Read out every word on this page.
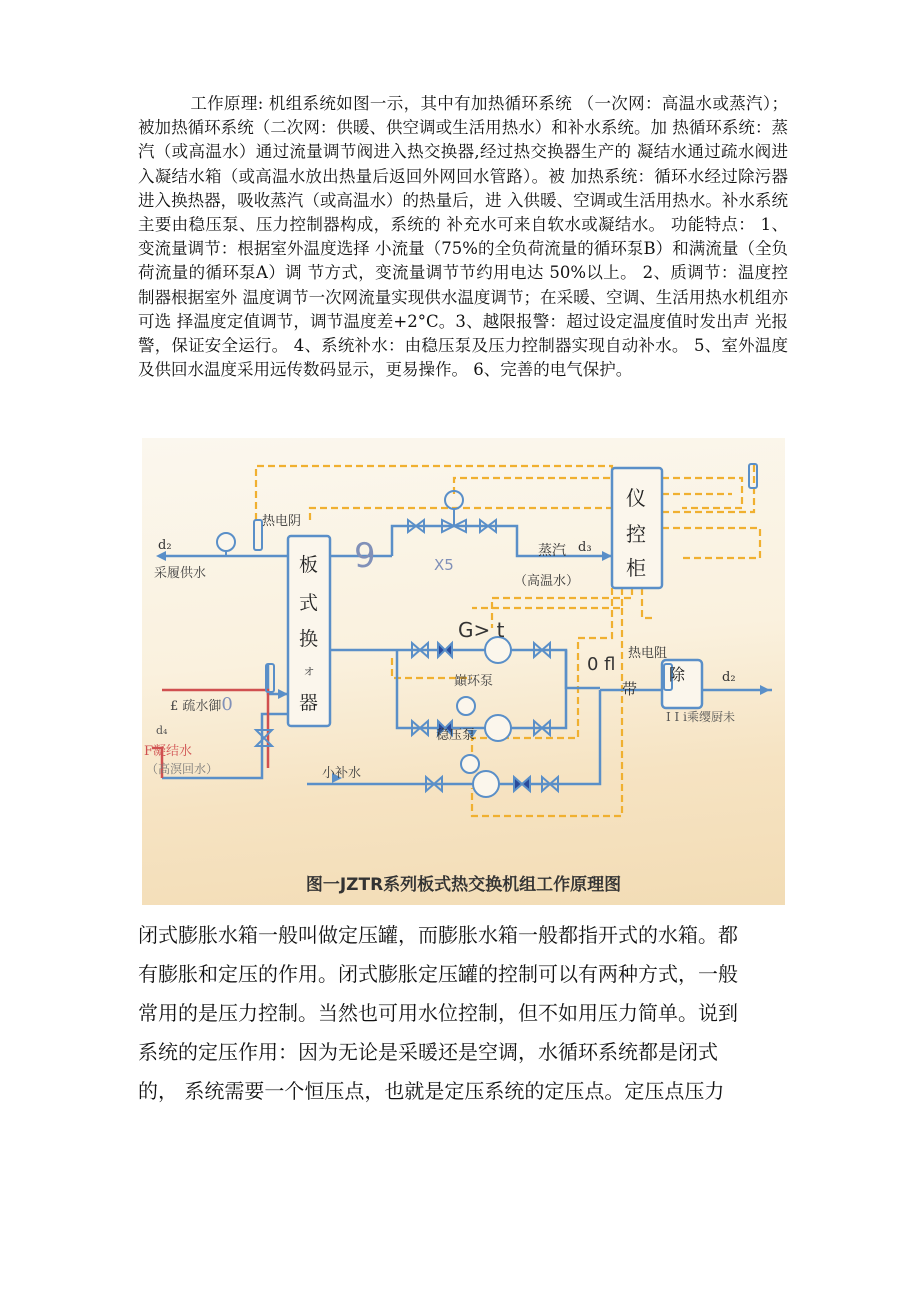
工作原理: 机组系统如图一示，其中有加热循环系统 （一次网：高温水或蒸汽）；被加热循环系统（二次网：供暖、供空调或生活用热水）和补水系统。加 热循环系统：蒸汽（或高温水）通过流量调节阀进入热交换器,经过热交换器生产的 凝结水通过疏水阀进入凝结水箱（或高温水放出热量后返回外网回水管路）。被 加热系统：循环水经过除污器进入换热器，吸收蒸汽（或高温水）的热量后，进 入供暖、空调或生活用热水。补水系统主要由稳压泵、压力控制器构成，系统的 补充水可来自软水或凝结水。 功能特点： 1、变流量调节：根据室外温度选择 小流量（75%的全负荷流量的循环泵B）和满流量（全负荷流量的循环泵A）调 节方式，变流量调节节约用电达 50%以上。 2、质调节：温度控制器根据室外 温度调节一次网流量实现供水温度调节；在采暖、空调、生活用热水机组亦可选 择温度定值调节，调节温度差+2°C。3、越限报警：超过设定温度值时发出声 光报警，保证安全运行。 4、系统补水：由稳压泵及压力控制器实现自动补水。 5、室外温度及供回水温度采用远传数码显示，更易操作。 6、完善的电气保护。
仪
控
柜
板
式
换
ォ
器
9	X5
热电阴
d₂
采履供水
蒸汽 d₃
（高温水）
G> t
巔环泵
热电阻
0 fl
带
除	d₂
I I i乘缨厨未
£ 疏水御0
d₄
F凝结水
（高溟回水）
稳压泵
小补水
图一JZTR系列板式热交换机组工作原理图
闭式膨胀水箱一般叫做定压罐，而膨胀水箱一般都指开式的水箱。都
有膨胀和定压的作用。闭式膨胀定压罐的控制可以有两种方式，一般
常用的是压力控制。当然也可用水位控制，但不如用压力简单。说到
系统的定压作用：因为无论是采暖还是空调，水循环系统都是闭式
的， 系统需要一个恒压点，也就是定压系统的定压点。定压点压力
